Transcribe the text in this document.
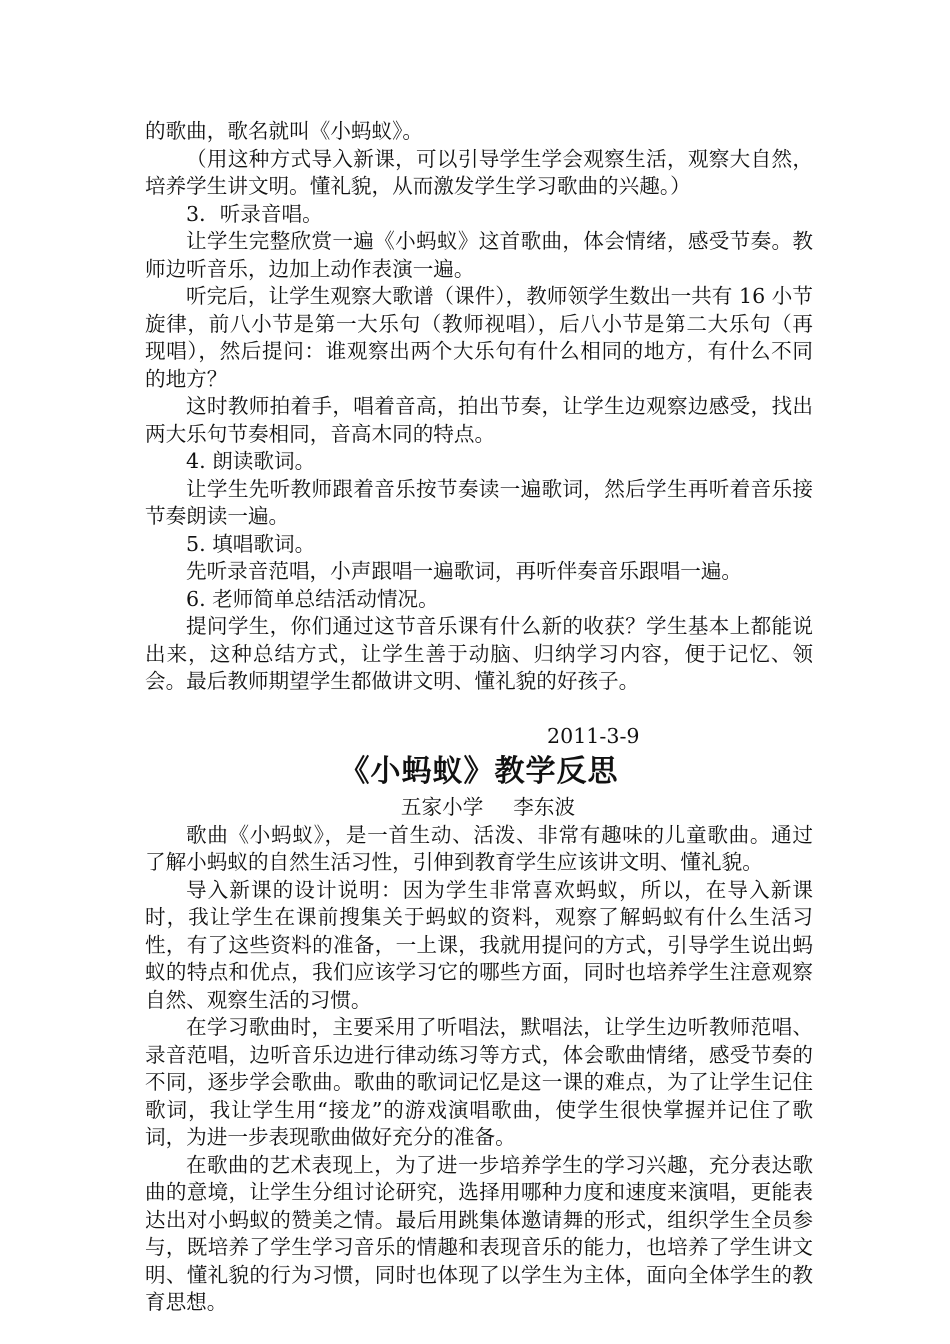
的歌曲，歌名就叫《小蚂蚁》。

（用这种方式导入新课，可以引导学生学会观察生活，观察大自然，培养学生讲文明。懂礼貌，从而激发学生学习歌曲的兴趣。）

3．听录音唱。

让学生完整欣赏一遍《小蚂蚁》这首歌曲，体会情绪，感受节奏。教师边听音乐，边加上动作表演一遍。

听完后，让学生观察大歌谱（课件），教师领学生数出一共有 16 小节旋律，前八小节是第一大乐句（教师视唱），后八小节是第二大乐句（再现唱），然后提问：谁观察出两个大乐句有什么相同的地方，有什么不同的地方？

这时教师拍着手，唱着音高，拍出节奏，让学生边观察边感受，找出两大乐句节奏相同，音高木同的特点。

4. 朗读歌词。

让学生先听教师跟着音乐按节奏读一遍歌词，然后学生再听着音乐接节奏朗读一遍。

5. 填唱歌词。

先听录音范唱，小声跟唱一遍歌词，再听伴奏音乐跟唱一遍。

6. 老师简单总结活动情况。

提问学生，你们通过这节音乐课有什么新的收获？学生基本上都能说出来，这种总结方式，让学生善于动脑、归纳学习内容，便于记忆、领会。最后教师期望学生都做讲文明、懂礼貌的好孩子。

2011-3-9
《小蚂蚁》教学反思
五家小学 李东波

歌曲《小蚂蚁》，是一首生动、活泼、非常有趣味的儿童歌曲。通过了解小蚂蚁的自然生活习性，引伸到教育学生应该讲文明、懂礼貌。

导入新课的设计说明：因为学生非常喜欢蚂蚁，所以，在导入新课时，我让学生在课前搜集关于蚂蚁的资料，观察了解蚂蚁有什么生活习性，有了这些资料的准备，一上课，我就用提问的方式，引导学生说出蚂蚁的特点和优点，我们应该学习它的哪些方面，同时也培养学生注意观察自然、观察生活的习惯。

在学习歌曲时，主要采用了听唱法，默唱法，让学生边听教师范唱、录音范唱，边听音乐边进行律动练习等方式，体会歌曲情绪，感受节奏的不同，逐步学会歌曲。歌曲的歌词记忆是这一课的难点，为了让学生记住歌词，我让学生用“接龙”的游戏演唱歌曲，使学生很快掌握并记住了歌词，为进一步表现歌曲做好充分的准备。

在歌曲的艺术表现上，为了进一步培养学生的学习兴趣，充分表达歌曲的意境，让学生分组讨论研究，选择用哪种力度和速度来演唱，更能表达出对小蚂蚁的赞美之情。最后用跳集体邀请舞的形式，组织学生全员参与，既培养了学生学习音乐的情趣和表现音乐的能力，也培养了学生讲文明、懂礼貌的行为习惯，同时也体现了以学生为主体，面向全体学生的教育思想。
